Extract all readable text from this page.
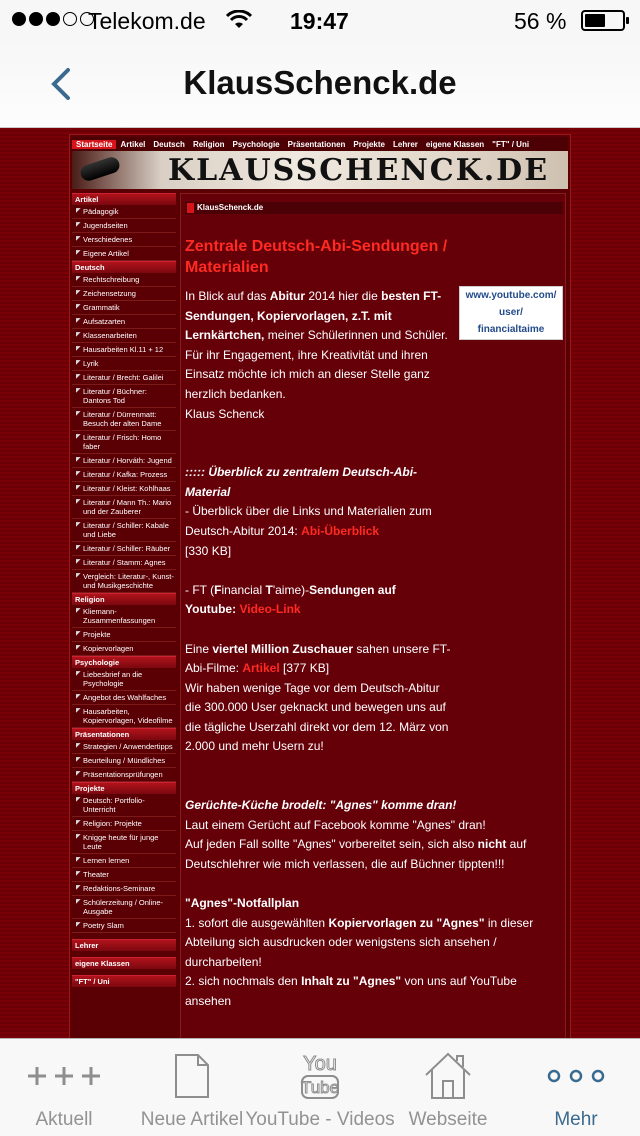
Telekom.de	19:47	56 %
KlausSchenck.de
Startseite	Artikel	Deutsch	Religion	Psychologie	Präsentationen	Projekte	Lehrer	eigene Klassen	"FT" / Uni
KLAUSSCHENCK.DE
Artikel
◤ Pädagogik
◤ Jugendseiten
◤ Verschiedenes
◤ Eigene Artikel
Deutsch
◤ Rechtschreibung
◤ Zeichensetzung
◤ Grammatik
◤ Aufsatzarten
◤ Klassenarbeiten
◤ Hausarbeiten Kl.11 + 12
◤ Lyrik
◤ Literatur / Brecht: Galilei
◤ Literatur / Büchner: Dantons Tod
◤ Literatur / Dürrenmatt: Besuch der alten Dame
◤ Literatur / Frisch: Homo faber
◤ Literatur / Horváth: Jugend
◤ Literatur / Kafka: Prozess
◤ Literatur / Kleist: Kohlhaas
◤ Literatur / Mann Th.: Mario und der Zauberer
◤ Literatur / Schiller: Kabale und Liebe
◤ Literatur / Schiller: Räuber
◤ Literatur / Stamm: Agnes
◤ Vergleich: Literatur-, Kunst- und Musikgeschichte
Religion
◤ Kliemann-Zusammenfassungen
◤ Projekte
◤ Kopiervorlagen
Psychologie
◤ Liebesbrief an die Psychologie
◤ Angebot des Wahlfaches
◤ Hausarbeiten, Kopiervorlagen, Videofilme
Präsentationen
◤ Strategien / Anwendertipps
◤ Beurteilung / Mündliches
◤ Präsentationsprüfungen
Projekte
◤ Deutsch: Portfolio-Unterricht
◤ Religion: Projekte
◤ Knigge heute für junge Leute
◤ Lernen lernen
◤ Theater
◤ Redaktions-Seminare
◤ Schülerzeitung / Online-Ausgabe
◤ Poetry Slam
Lehrer
eigene Klassen
"FT" / Uni
KlausSchenck.de
Zentrale Deutsch-Abi-Sendungen / Materialien
www.youtube.com/
user/
financialtaime

In Blick auf das Abitur 2014 hier die besten FT-Sendungen, Kopiervorlagen, z.T. mit Lernkärtchen, meiner Schülerinnen und Schüler. Für ihr Engagement, ihre Kreativität und ihren Einsatz möchte ich mich an dieser Stelle ganz herzlich bedanken.
Klaus Schenck

::::: Überblick zu zentralem Deutsch-Abi-Material
- Überblick über die Links und Materialien zum Deutsch-Abitur 2014: Abi-Überblick
[330 KB]

- FT (Financial T'aime)-Sendungen auf Youtube: Video-Link

Eine viertel Million Zuschauer sahen unsere FT-Abi-Filme: Artikel [377 KB]
Wir haben wenige Tage vor dem Deutsch-Abitur die 300.000 User geknackt und bewegen uns auf die tägliche Userzahl direkt vor dem 12. März von 2.000 und mehr Usern zu!

Gerüchte-Küche brodelt: "Agnes" komme dran!
Laut einem Gerücht auf Facebook komme "Agnes" dran!
Auf jeden Fall sollte "Agnes" vorbereitet sein, sich also nicht auf Deutschlehrer wie mich verlassen, die auf Büchner tippten!!!

"Agnes"-Notfallplan
1. sofort die ausgewählten Kopiervorlagen zu "Agnes" in dieser Abteilung sich ausdrucken oder wenigstens sich ansehen / durcharbeiten!
2. sich nochmals den Inhalt zu "Agnes" von uns auf YouTube ansehen

Aktuell	Neue Artikel
You
Tube
YouTube - Videos Webseite	Mehr
